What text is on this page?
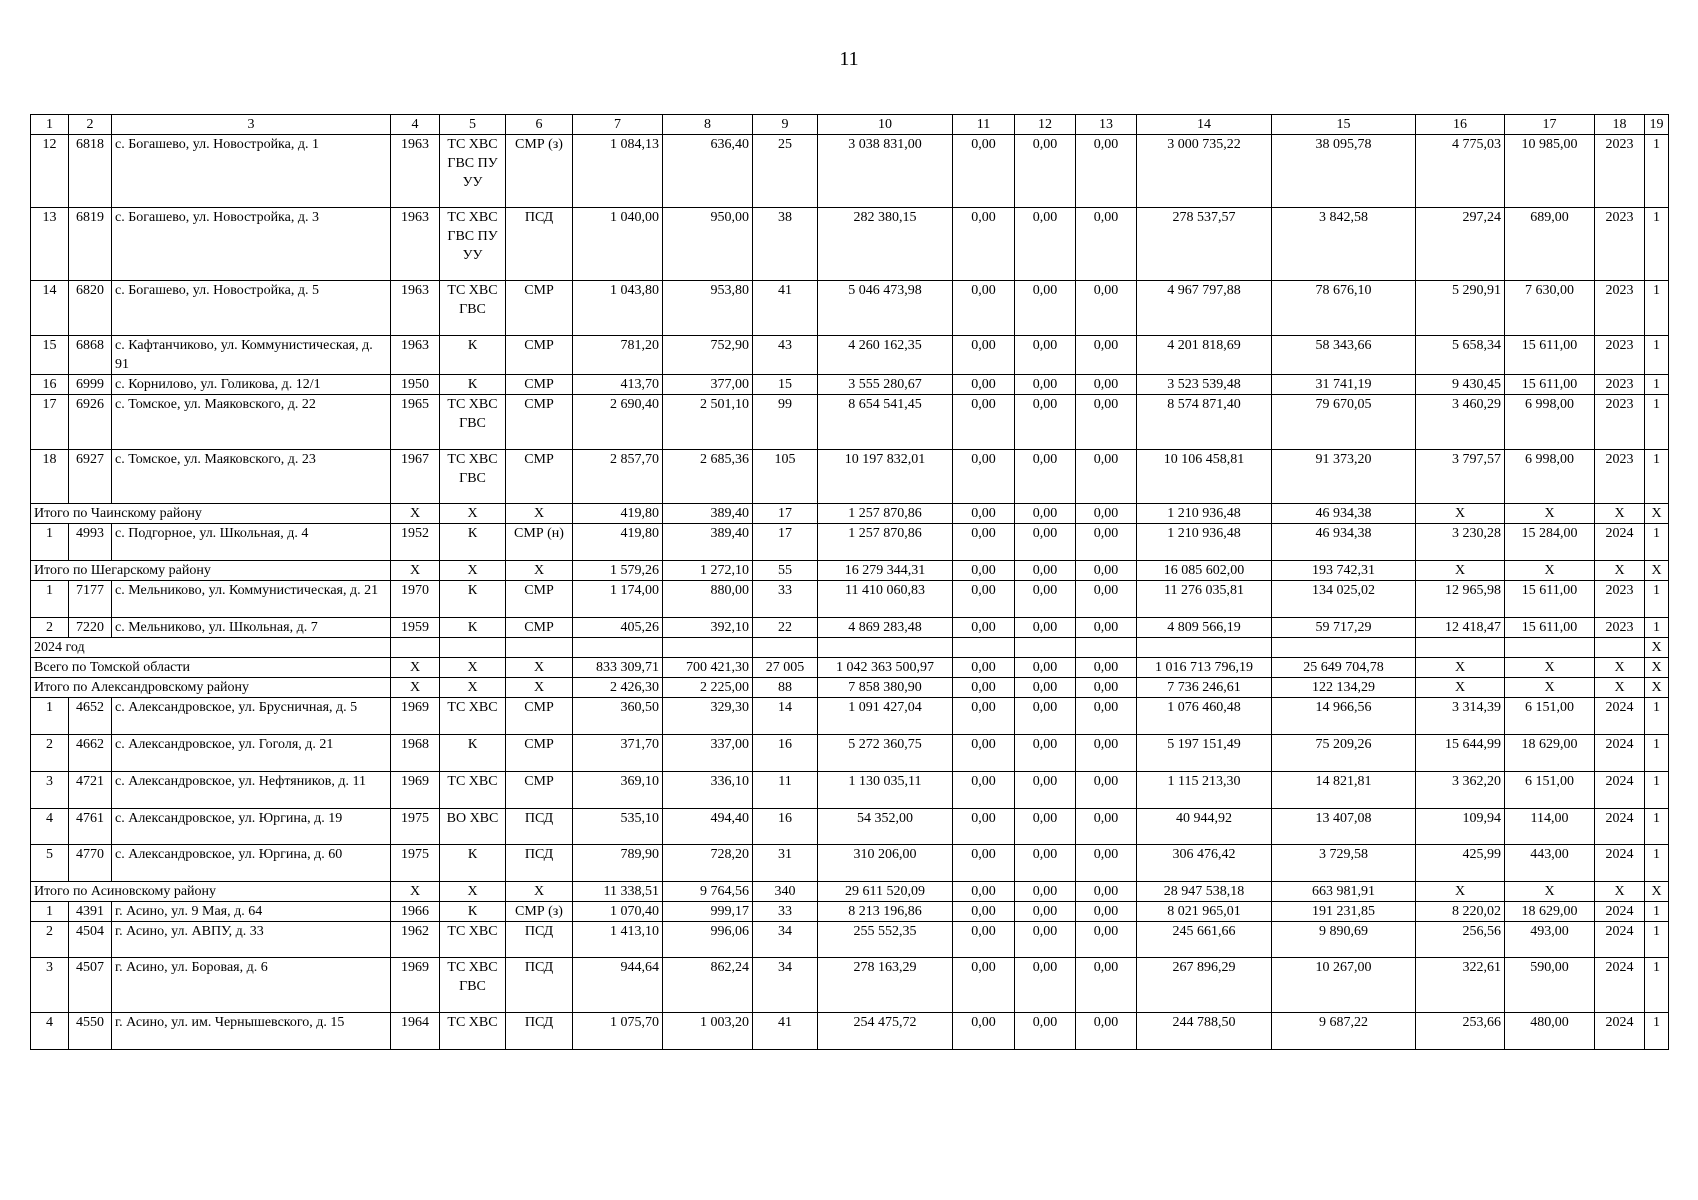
11
1	2	3	4	5	6	7	8	9	10	11	12	13	14	15	16	17	18	19
12	6818	с. Богашево, ул. Новостройка, д. 1	1963	ТС ХВС ГВС ПУ УУ	СМР (з)	1 084,13	636,40	25	3 038 831,00	0,00	0,00	0,00	3 000 735,22	38 095,78	4 775,03	10 985,00	2023	1
13	6819	с. Богашево, ул. Новостройка, д. 3	1963	ТС ХВС ГВС ПУ УУ	ПСД	1 040,00	950,00	38	282 380,15	0,00	0,00	0,00	278 537,57	3 842,58	297,24	689,00	2023	1
14	6820	с. Богашево, ул. Новостройка, д. 5	1963	ТС ХВС ГВС	СМР	1 043,80	953,80	41	5 046 473,98	0,00	0,00	0,00	4 967 797,88	78 676,10	5 290,91	7 630,00	2023	1
15	6868	с. Кафтанчиково, ул. Коммунистическая, д. 91	1963	К	СМР	781,20	752,90	43	4 260 162,35	0,00	0,00	0,00	4 201 818,69	58 343,66	5 658,34	15 611,00	2023	1
16	6999	с. Корнилово, ул. Голикова, д. 12/1	1950	К	СМР	413,70	377,00	15	3 555 280,67	0,00	0,00	0,00	3 523 539,48	31 741,19	9 430,45	15 611,00	2023	1
17	6926	с. Томское, ул. Маяковского, д. 22	1965	ТС ХВС ГВС	СМР	2 690,40	2 501,10	99	8 654 541,45	0,00	0,00	0,00	8 574 871,40	79 670,05	3 460,29	6 998,00	2023	1
18	6927	с. Томское, ул. Маяковского, д. 23	1967	ТС ХВС ГВС	СМР	2 857,70	2 685,36	105	10 197 832,01	0,00	0,00	0,00	10 106 458,81	91 373,20	3 797,57	6 998,00	2023	1
Итого по Чаинскому району			Х	Х	Х	419,80	389,40	17	1 257 870,86	0,00	0,00	0,00	1 210 936,48	46 934,38	Х	Х	Х	Х
1	4993	с. Подгорное, ул. Школьная, д. 4	1952	К	СМР (н)	419,80	389,40	17	1 257 870,86	0,00	0,00	0,00	1 210 936,48	46 934,38	3 230,28	15 284,00	2024	1
Итого по Шегарскому району			Х	Х	Х	1 579,26	1 272,10	55	16 279 344,31	0,00	0,00	0,00	16 085 602,00	193 742,31	Х	Х	Х	Х
1	7177	с. Мельниково, ул. Коммунистическая, д. 21	1970	К	СМР	1 174,00	880,00	33	11 410 060,83	0,00	0,00	0,00	11 276 035,81	134 025,02	12 965,98	15 611,00	2023	1
2	7220	с. Мельниково, ул. Школьная, д. 7	1959	К	СМР	405,26	392,10	22	4 869 283,48	0,00	0,00	0,00	4 809 566,19	59 717,29	12 418,47	15 611,00	2023	1
2024 год																		Х
Всего по Томской области			Х	Х	Х	833 309,71	700 421,30	27 005	1 042 363 500,97	0,00	0,00	0,00	1 016 713 796,19	25 649 704,78	Х	Х	Х	Х
Итого по Александровскому району			Х	Х	Х	2 426,30	2 225,00	88	7 858 380,90	0,00	0,00	0,00	7 736 246,61	122 134,29	Х	Х	Х	Х
1	4652	с. Александровское, ул. Брусничная, д. 5	1969	ТС ХВС	СМР	360,50	329,30	14	1 091 427,04	0,00	0,00	0,00	1 076 460,48	14 966,56	3 314,39	6 151,00	2024	1
2	4662	с. Александровское, ул. Гоголя, д. 21	1968	К	СМР	371,70	337,00	16	5 272 360,75	0,00	0,00	0,00	5 197 151,49	75 209,26	15 644,99	18 629,00	2024	1
3	4721	с. Александровское, ул. Нефтяников, д. 11	1969	ТС ХВС	СМР	369,10	336,10	11	1 130 035,11	0,00	0,00	0,00	1 115 213,30	14 821,81	3 362,20	6 151,00	2024	1
4	4761	с. Александровское, ул. Юргина, д. 19	1975	ВО ХВС	ПСД	535,10	494,40	16	54 352,00	0,00	0,00	0,00	40 944,92	13 407,08	109,94	114,00	2024	1
5	4770	с. Александровское, ул. Юргина, д. 60	1975	К	ПСД	789,90	728,20	31	310 206,00	0,00	0,00	0,00	306 476,42	3 729,58	425,99	443,00	2024	1
Итого по Асиновскому району			Х	Х	Х	11 338,51	9 764,56	340	29 611 520,09	0,00	0,00	0,00	28 947 538,18	663 981,91	Х	Х	Х	Х
1	4391	г. Асино, ул. 9 Мая, д. 64	1966	К	СМР (з)	1 070,40	999,17	33	8 213 196,86	0,00	0,00	0,00	8 021 965,01	191 231,85	8 220,02	18 629,00	2024	1
2	4504	г. Асино, ул. АВПУ, д. 33	1962	ТС ХВС	ПСД	1 413,10	996,06	34	255 552,35	0,00	0,00	0,00	245 661,66	9 890,69	256,56	493,00	2024	1
3	4507	г. Асино, ул. Боровая, д. 6	1969	ТС ХВС ГВС	ПСД	944,64	862,24	34	278 163,29	0,00	0,00	0,00	267 896,29	10 267,00	322,61	590,00	2024	1
4	4550	г. Асино, ул. им. Чернышевского, д. 15	1964	ТС ХВС	ПСД	1 075,70	1 003,20	41	254 475,72	0,00	0,00	0,00	244 788,50	9 687,22	253,66	480,00	2024	1
